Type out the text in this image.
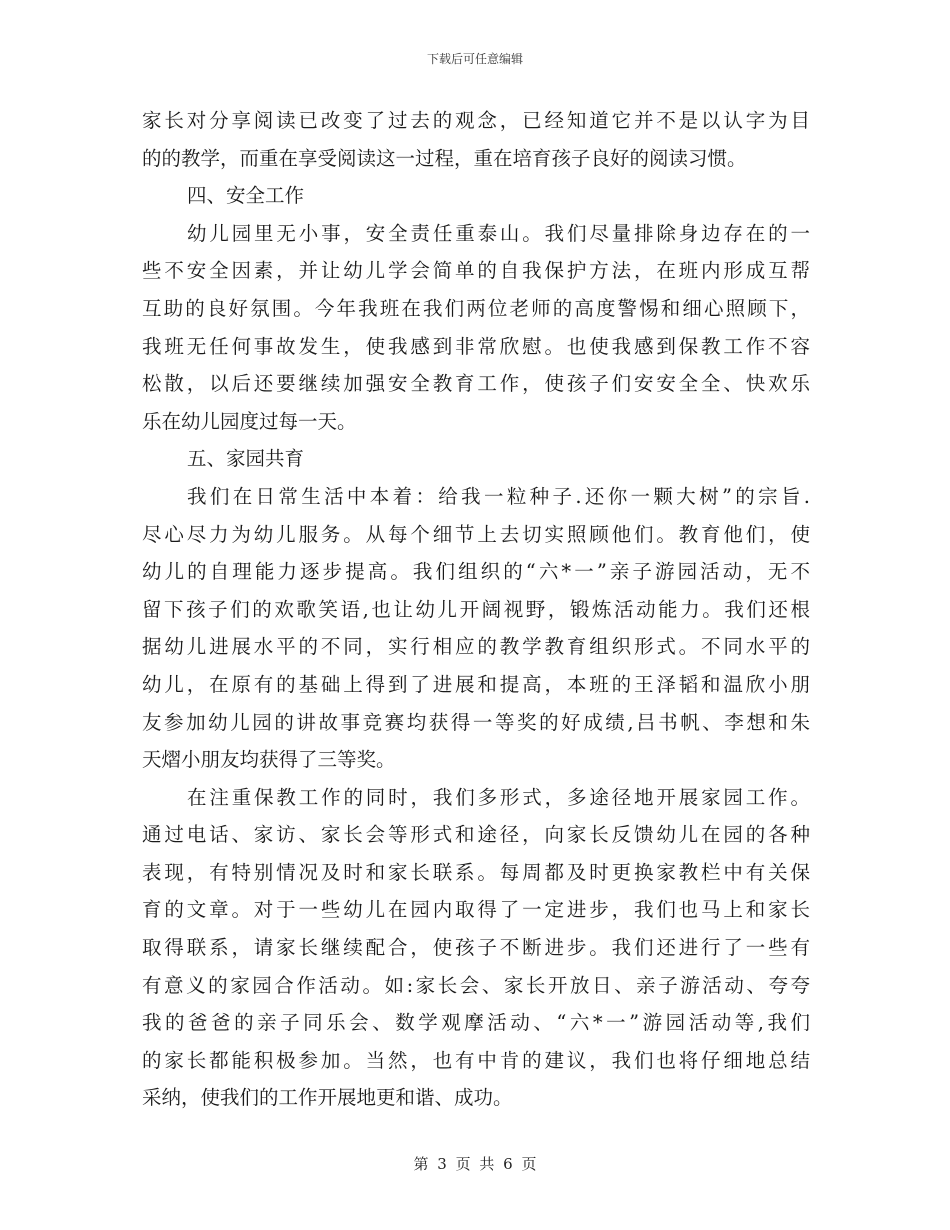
下载后可任意编辑
家长对分享阅读已改变了过去的观念，已经知道它并不是以认字为目
的的教学，而重在享受阅读这一过程，重在培育孩子良好的阅读习惯。
四、安全工作
幼儿园里无小事，安全责任重泰山。我们尽量排除身边存在的一
些不安全因素，并让幼儿学会简单的自我保护方法，在班内形成互帮
互助的良好氛围。今年我班在我们两位老师的高度警惕和细心照顾下，
我班无任何事故发生，使我感到非常欣慰。也使我感到保教工作不容
松散，以后还要继续加强安全教育工作，使孩子们安安全全、快欢乐
乐在幼儿园度过每一天。
五、家园共育
我们在日常生活中本着：给我一粒种子.还你一颗大树”的宗旨.
尽心尽力为幼儿服务。从每个细节上去切实照顾他们。教育他们，使
幼儿的自理能力逐步提高。我们组织的“六*一”亲子游园活动，无不
留下孩子们的欢歌笑语,也让幼儿开阔视野，锻炼活动能力。我们还根
据幼儿进展水平的不同，实行相应的教学教育组织形式。不同水平的
幼儿，在原有的基础上得到了进展和提高，本班的王泽韬和温欣小朋
友参加幼儿园的讲故事竞赛均获得一等奖的好成绩,吕书帆、李想和朱
天熠小朋友均获得了三等奖。
在注重保教工作的同时，我们多形式，多途径地开展家园工作。
通过电话、家访、家长会等形式和途径，向家长反馈幼儿在园的各种
表现，有特别情况及时和家长联系。每周都及时更换家教栏中有关保
育的文章。对于一些幼儿在园内取得了一定进步，我们也马上和家长
取得联系，请家长继续配合，使孩子不断进步。我们还进行了一些有
有意义的家园合作活动。如:家长会、家长开放日、亲子游活动、夸夸
我的爸爸的亲子同乐会、数学观摩活动、“六*一”游园活动等,我们
的家长都能积极参加。当然，也有中肯的建议，我们也将仔细地总结
采纳，使我们的工作开展地更和谐、成功。
第 3 页 共 6 页
